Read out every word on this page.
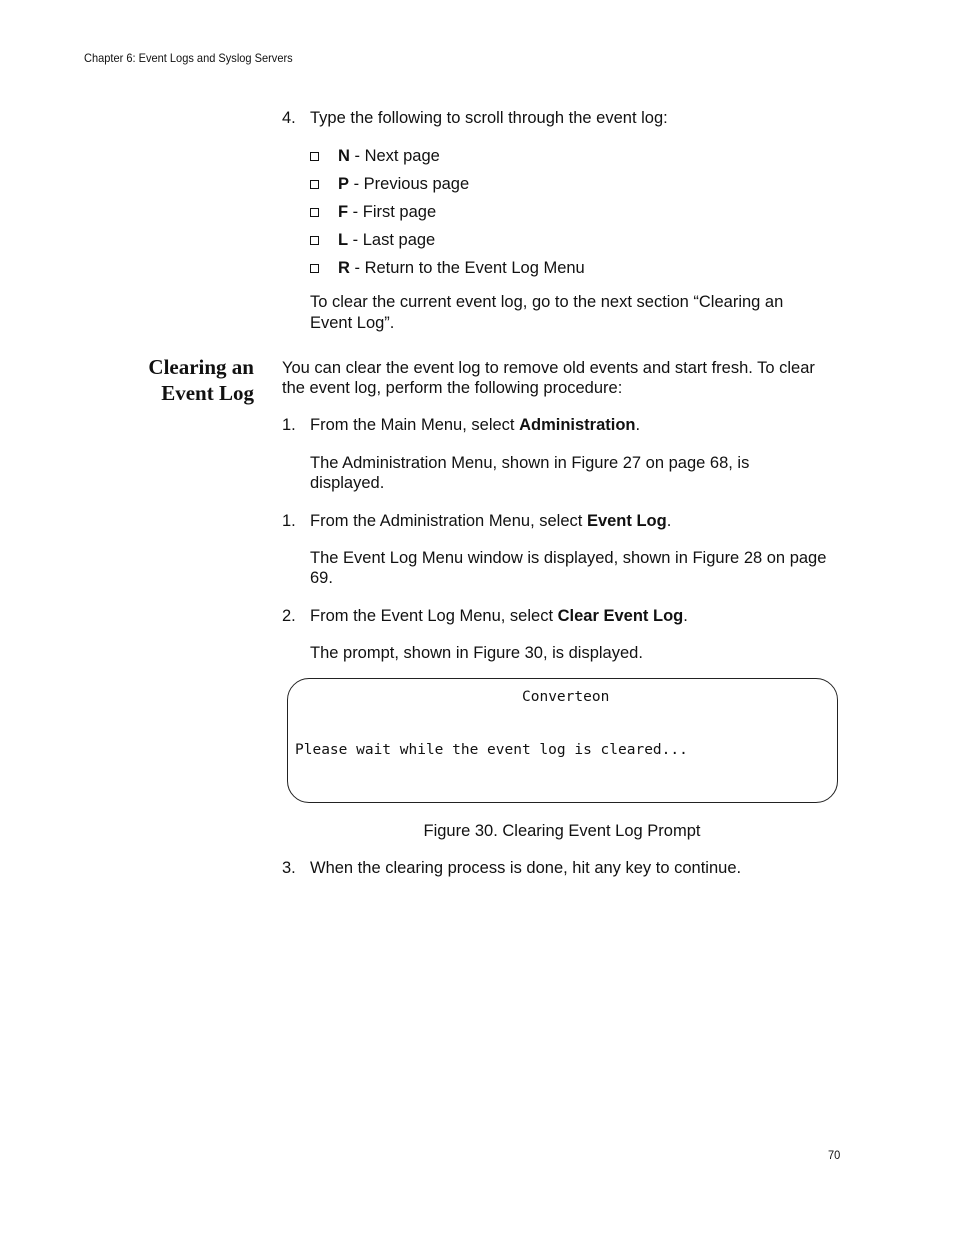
Chapter 6: Event Logs and Syslog Servers
4. Type the following to scroll through the event log:
N - Next page
P - Previous page
F - First page
L - Last page
R - Return to the Event Log Menu
To clear the current event log, go to the next section “Clearing an
Event Log”.
Clearing an
Event Log
You can clear the event log to remove old events and start fresh. To clear
the event log, perform the following procedure:
1. From the Main Menu, select Administration.
The Administration Menu, shown in Figure 27 on page 68, is
displayed.
1. From the Administration Menu, select Event Log.
The Event Log Menu window is displayed, shown in Figure 28 on page
69.
2. From the Event Log Menu, select Clear Event Log.
The prompt, shown in Figure 30, is displayed.
Converteon
Please wait while the event log is cleared...
Figure 30. Clearing Event Log Prompt
3. When the clearing process is done, hit any key to continue.
70
